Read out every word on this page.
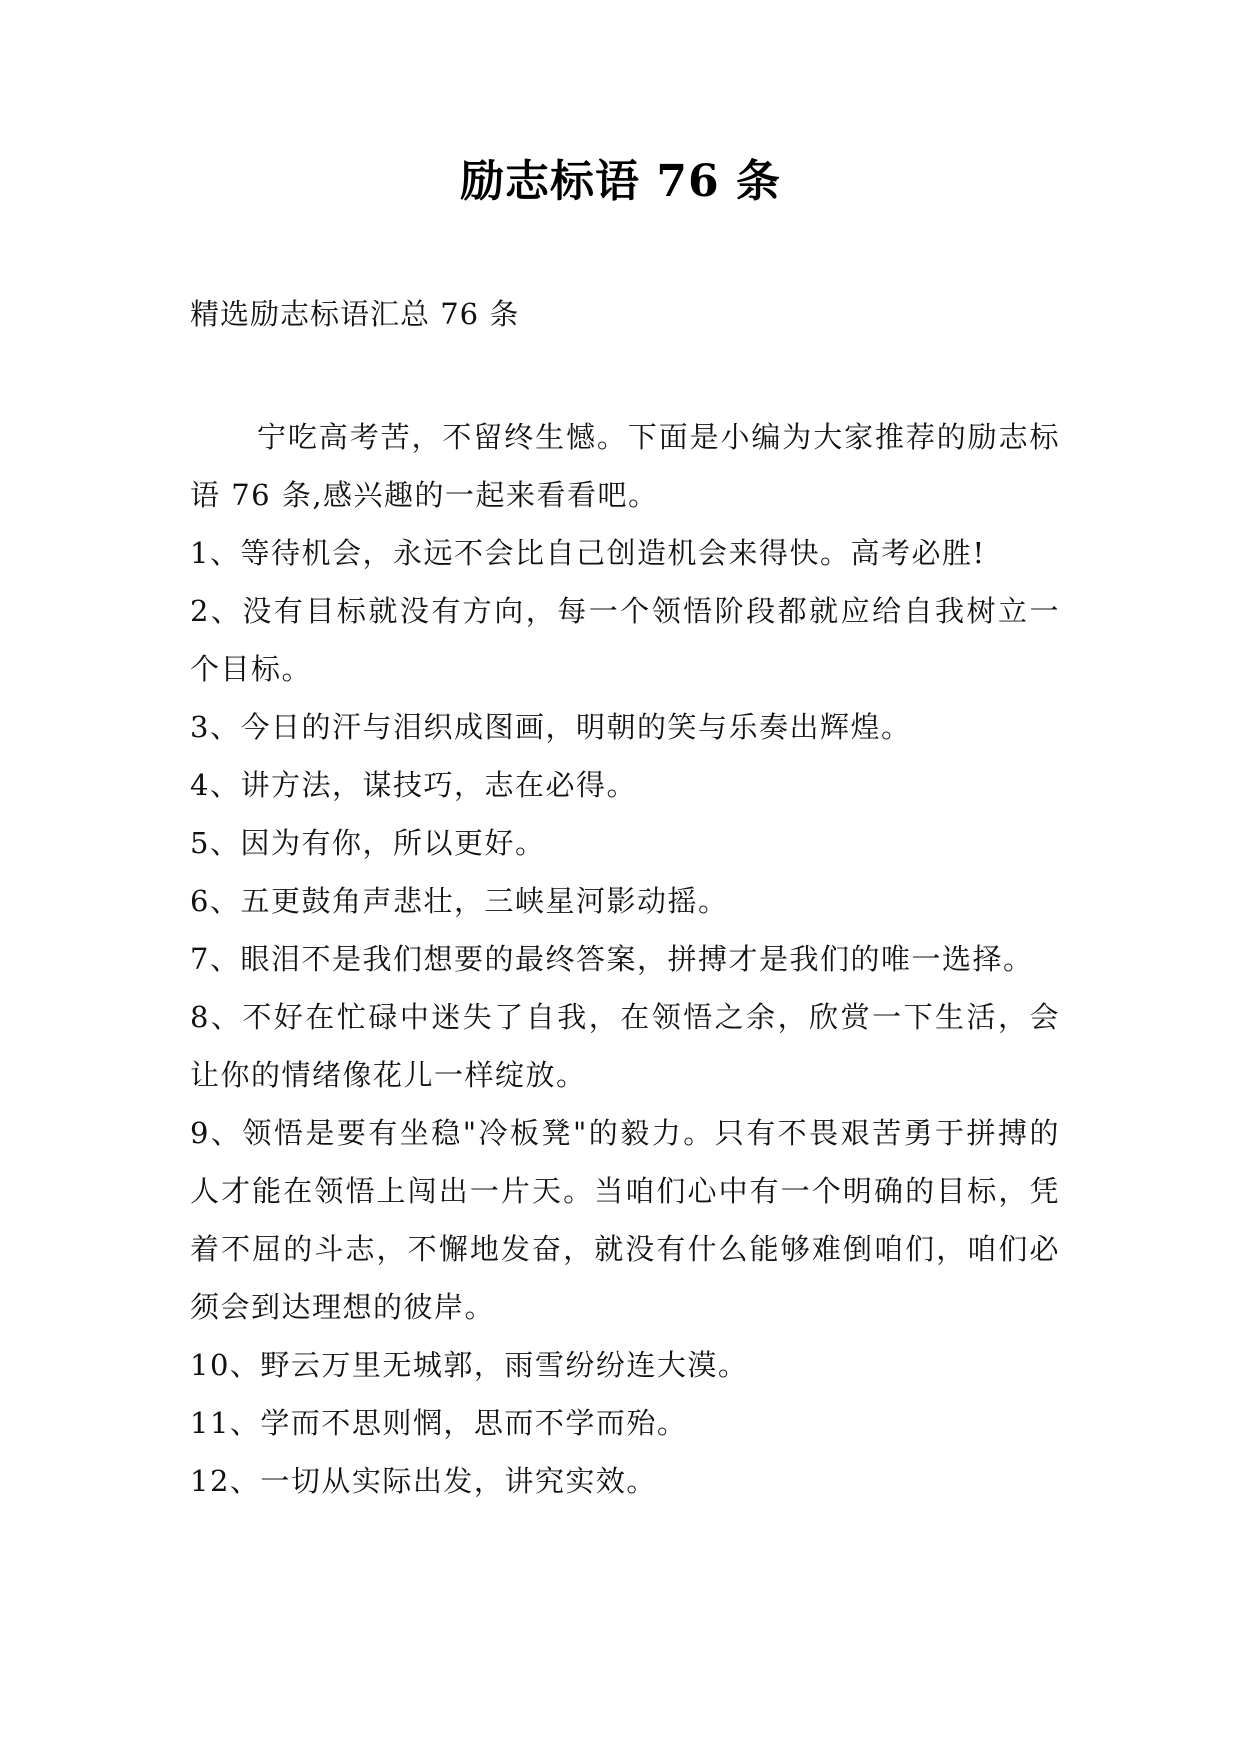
励志标语 76 条
精选励志标语汇总 76 条

宁吃高考苦，不留终生憾。下面是小编为大家推荐的励志标语 76 条,感兴趣的一起来看看吧。

1、等待机会，永远不会比自己创造机会来得快。高考必胜!

2、没有目标就没有方向，每一个领悟阶段都就应给自我树立一个目标。

3、今日的汗与泪织成图画，明朝的笑与乐奏出辉煌。

4、讲方法，谋技巧，志在必得。

5、因为有你，所以更好。

6、五更鼓角声悲壮，三峡星河影动摇。

7、眼泪不是我们想要的最终答案，拼搏才是我们的唯一选择。

8、不好在忙碌中迷失了自我，在领悟之余，欣赏一下生活，会让你的情绪像花儿一样绽放。

9、领悟是要有坐稳"冷板凳"的毅力。只有不畏艰苦勇于拼搏的人才能在领悟上闯出一片天。当咱们心中有一个明确的目标，凭着不屈的斗志，不懈地发奋，就没有什么能够难倒咱们，咱们必须会到达理想的彼岸。

10、野云万里无城郭，雨雪纷纷连大漠。

11、学而不思则惘，思而不学而殆。

12、一切从实际出发，讲究实效。
